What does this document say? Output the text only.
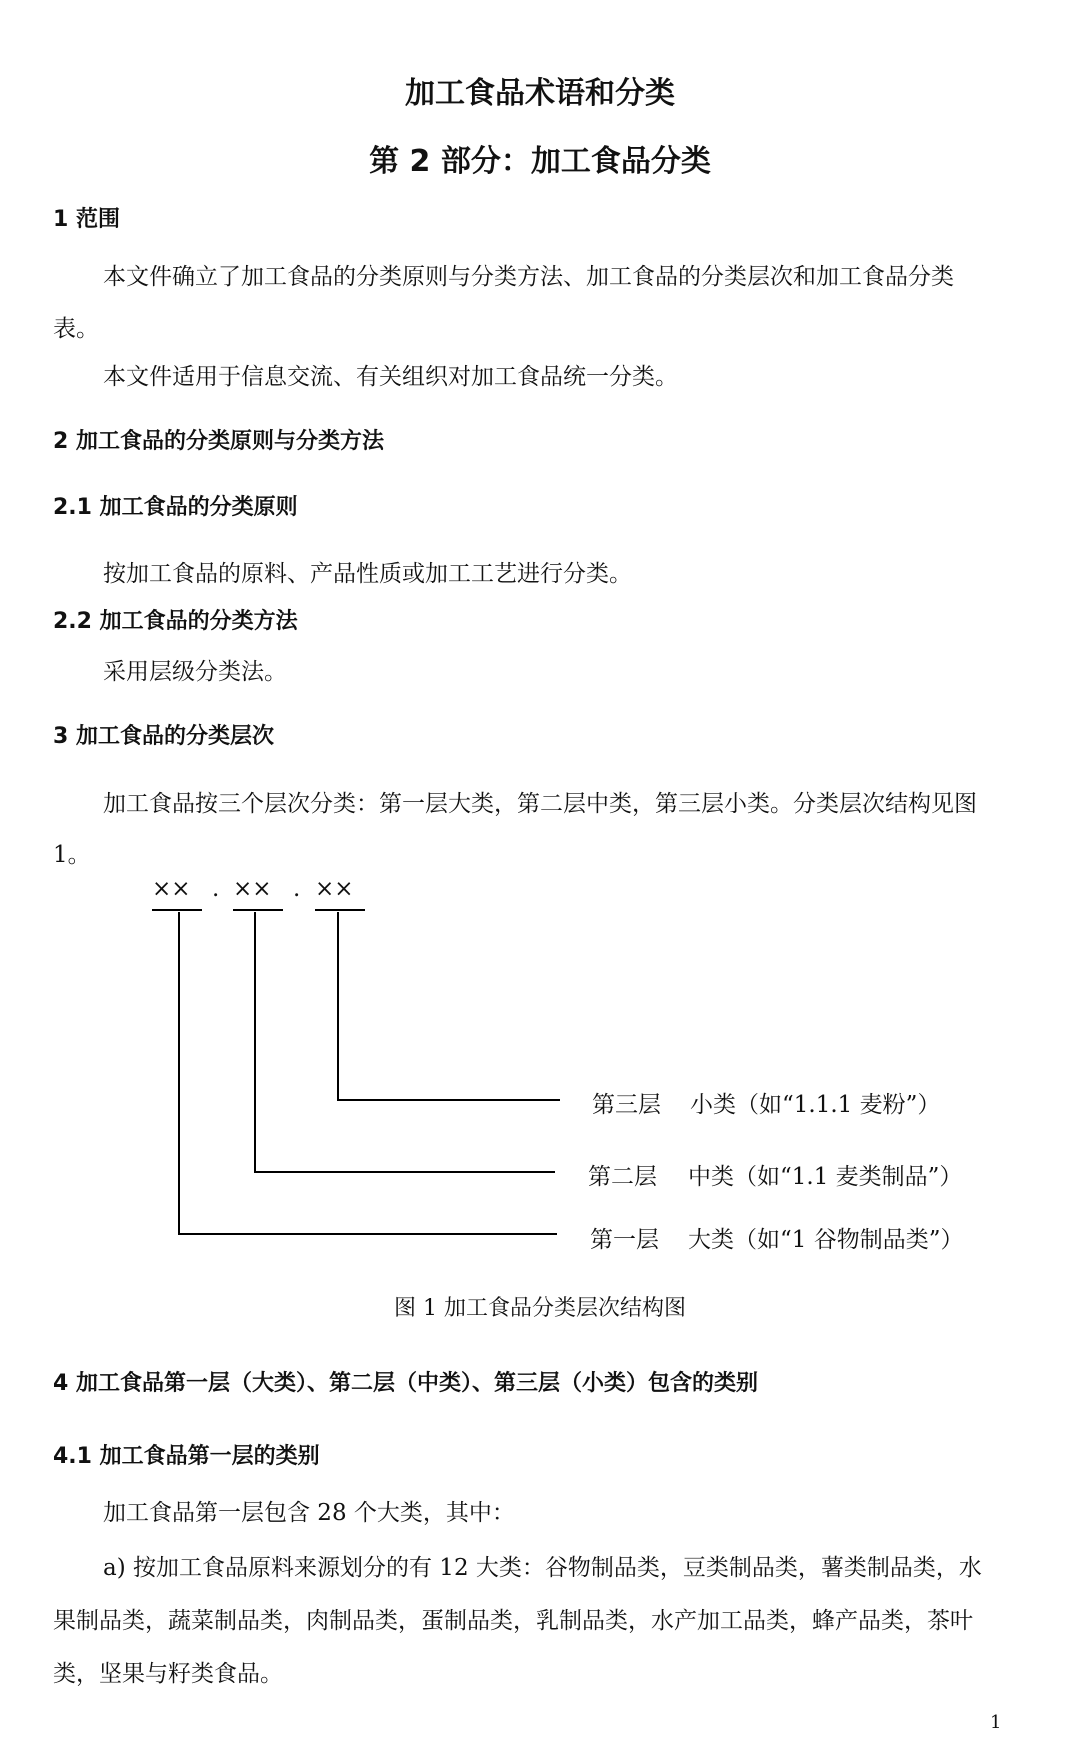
加工食品术语和分类
第 2 部分：加工食品分类
1 范围
本文件确立了加工食品的分类原则与分类方法、加工食品的分类层次和加工食品分类
表。
本文件适用于信息交流、有关组织对加工食品统一分类。
2 加工食品的分类原则与分类方法
2.1 加工食品的分类原则
按加工食品的原料、产品性质或加工工艺进行分类。
2.2 加工食品的分类方法
采用层级分类法。
3 加工食品的分类层次
加工食品按三个层次分类：第一层大类，第二层中类，第三层小类。分类层次结构见图
1。
×× . ×× . ××
第三层 小类（如“1.1.1 麦粉”）
第二层 中类（如“1.1 麦类制品”）
第一层 大类（如“1 谷物制品类”）
图 1 加工食品分类层次结构图
4 加工食品第一层（大类）、第二层（中类）、第三层（小类）包含的类别
4.1 加工食品第一层的类别
加工食品第一层包含 28 个大类，其中：
a) 按加工食品原料来源划分的有 12 大类：谷物制品类，豆类制品类，薯类制品类，水
果制品类，蔬菜制品类，肉制品类，蛋制品类，乳制品类，水产加工品类，蜂产品类，茶叶
类，坚果与籽类食品。
1
